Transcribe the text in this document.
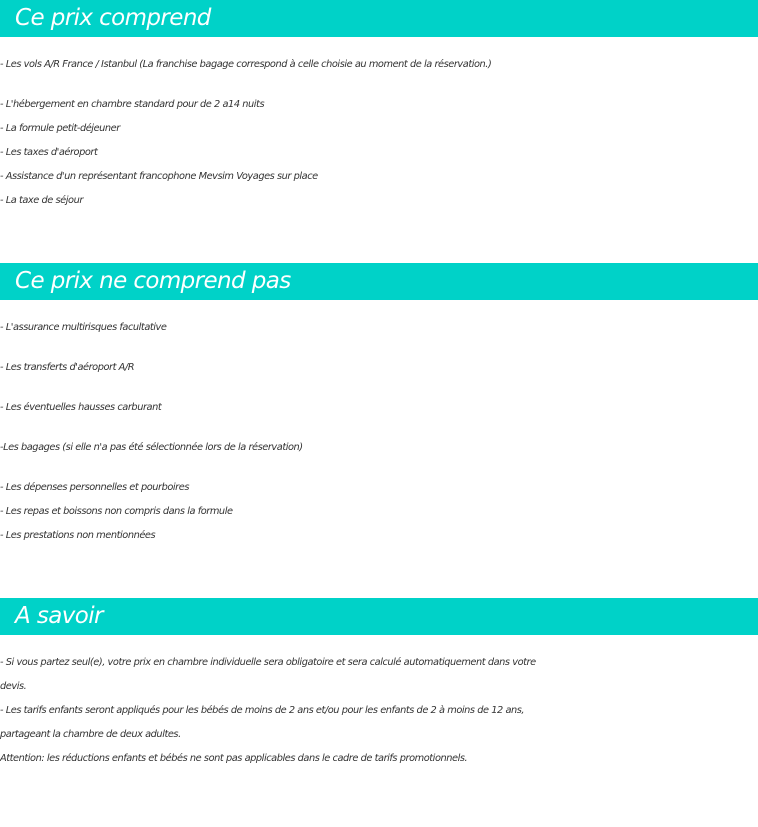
Ce prix comprend
- Les vols A/R France / Istanbul (La franchise bagage correspond à celle choisie au moment de la réservation.)
- L'hébergement en chambre standard pour de 2 a14 nuits
- La formule petit-déjeuner
- Les taxes d'aéroport
- Assistance d'un représentant francophone Mevsim Voyages sur place
- La taxe de séjour
Ce prix ne comprend pas
- L'assurance multirisques facultative
- Les transferts d'aéroport A/R
- Les éventuelles hausses carburant
-Les bagages (si elle n'a pas été sélectionnée lors de la réservation)
- Les dépenses personnelles et pourboires
- Les repas et boissons non compris dans la formule
- Les prestations non mentionnées
A savoir
- Si vous partez seul(e), votre prix en chambre individuelle sera obligatoire et sera calculé automatiquement dans votre
devis.
- Les tarifs enfants seront appliqués pour les bébés de moins de 2 ans et/ou pour les enfants de 2 à moins de 12 ans,
partageant la chambre de deux adultes.
Attention: les réductions enfants et bébés ne sont pas applicables dans le cadre de tarifs promotionnels.
